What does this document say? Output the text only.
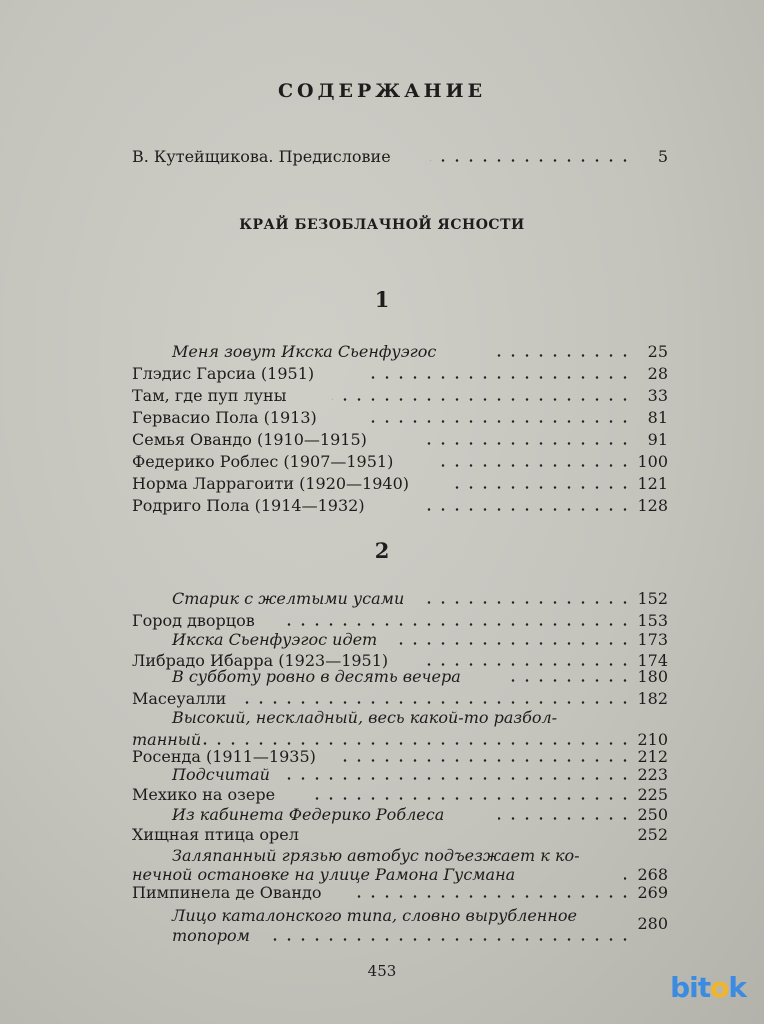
СОДЕРЖАНИЕ
В. Кутейщикова. Предисловие	5
КРАЙ БЕЗОБЛАЧНОЙ ЯСНОСТИ
1
Меня зовут Икска Сьенфуэгос	25
Глэдис Гарсиа (1951)	28
Там, где пуп луны	33
Гервасио Пола (1913)	81
Семья Овандо (1910—1915)	91
Федерико Роблес (1907—1951)	100
Норма Ларрагоити (1920—1940)	121
Родриго Пола (1914—1932)	128
2
Старик с желтыми усами	152
Город дворцов	153
Икска Сьенфуэгос идет	173
Либрадо Ибарра (1923—1951)	174
В субботу ровно в десять вечера	180
Масеуалли	182
Высокий, нескладный, весь какой-то разбол-
танный	210
Росенда (1911—1935)	212
Подсчитай	223
Мехико на озере	225
Из кабинета Федерико Роблеса	250
Хищная птица орел	252
Заляпанный грязью автобус подъезжает к ко-
нечной остановке на улице Рамона Гусмана	268
Пимпинела де Овандо	269
Лицо каталонского типа, словно вырубленное
топором
280
453	bitok
